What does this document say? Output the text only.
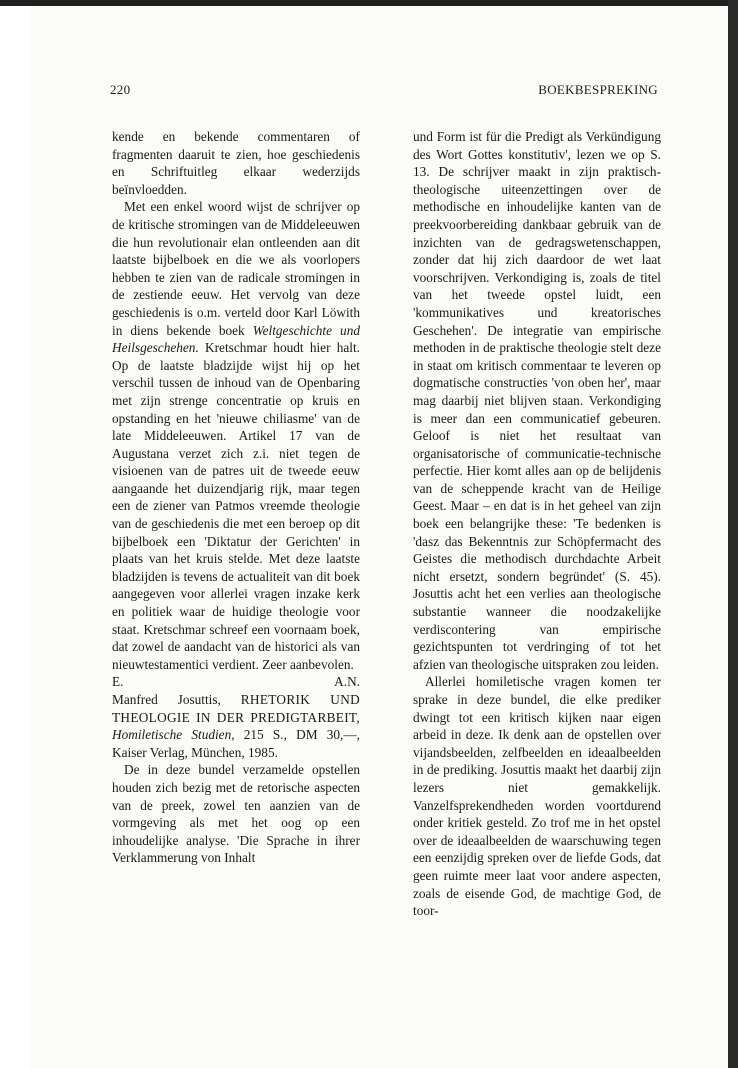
220	BOEKBESPREKING

kende en bekende commentaren of fragmenten daaruit te zien, hoe geschiedenis en Schriftuitleg elkaar wederzijds beïnvloedden.

Met een enkel woord wijst de schrijver op de kritische stromingen van de Middeleeuwen die hun revolutionair elan ontleenden aan dit laatste bijbelboek en die we als voorlopers hebben te zien van de radicale stromingen in de zestiende eeuw. Het vervolg van deze geschiedenis is o.m. verteld door Karl Löwith in diens bekende boek Weltgeschichte und Heilsgeschehen. Kretschmar houdt hier halt. Op de laatste bladzijde wijst hij op het verschil tussen de inhoud van de Openbaring met zijn strenge concentratie op kruis en opstanding en het 'nieuwe chiliasme' van de late Middeleeuwen. Artikel 17 van de Augustana verzet zich z.i. niet tegen de visioenen van de patres uit de tweede eeuw aangaande het duizendjarig rijk, maar tegen een de ziener van Patmos vreemde theologie van de geschiedenis die met een beroep op dit bijbelboek een 'Diktatur der Gerichten' in plaats van het kruis stelde. Met deze laatste bladzijden is tevens de actualiteit van dit boek aangegeven voor allerlei vragen inzake kerk en politiek waar de huidige theologie voor staat. Kretschmar schreef een voornaam boek, dat zowel de aandacht van de historici als van nieuwtestamentici verdient. Zeer aanbevolen.

E.	A.N.

Manfred Josuttis, RHETORIK UND THEOLOGIE IN DER PREDIGTARBEIT, Homiletische Studien, 215 S., DM 30,—, Kaiser Verlag, München, 1985.

De in deze bundel verzamelde opstellen houden zich bezig met de retorische aspecten van de preek, zowel ten aanzien van de vormgeving als met het oog op een inhoudelijke analyse. 'Die Sprache in ihrer Verklammerung von Inhalt

und Form ist für die Predigt als Verkündigung des Wort Gottes konstitutiv', lezen we op S. 13. De schrijver maakt in zijn praktisch-theologische uiteenzettingen over de methodische en inhoudelijke kanten van de preekvoorbereiding dankbaar gebruik van de inzichten van de gedragswetenschappen, zonder dat hij zich daardoor de wet laat voorschrijven. Verkondiging is, zoals de titel van het tweede opstel luidt, een 'kommunikatives und kreatorisches Geschehen'. De integratie van empirische methoden in de praktische theologie stelt deze in staat om kritisch commentaar te leveren op dogmatische constructies 'von oben her', maar mag daarbij niet blijven staan. Verkondiging is meer dan een communicatief gebeuren. Geloof is niet het resultaat van organisatorische of communicatie-technische perfectie. Hier komt alles aan op de belijdenis van de scheppende kracht van de Heilige Geest. Maar – en dat is in het geheel van zijn boek een belangrijke these: 'Te bedenken is 'dasz das Bekenntnis zur Schöpfermacht des Geistes die methodisch durchdachte Arbeit nicht ersetzt, sondern begründet' (S. 45). Josuttis acht het een verlies aan theologische substantie wanneer die noodzakelijke verdiscontering van empirische gezichtspunten tot verdringing of tot het afzien van theologische uitspraken zou leiden.

Allerlei homiletische vragen komen ter sprake in deze bundel, die elke prediker dwingt tot een kritisch kijken naar eigen arbeid in deze. Ik denk aan de opstellen over vijandsbeelden, zelfbeelden en ideaalbeelden in de prediking. Josuttis maakt het daarbij zijn lezers niet gemakkelijk. Vanzelfsprekendheden worden voortdurend onder kritiek gesteld. Zo trof me in het opstel over de ideaalbeelden de waarschuwing tegen een eenzijdig spreken over de liefde Gods, dat geen ruimte meer laat voor andere aspecten, zoals de eisende God, de machtige God, de toor-
